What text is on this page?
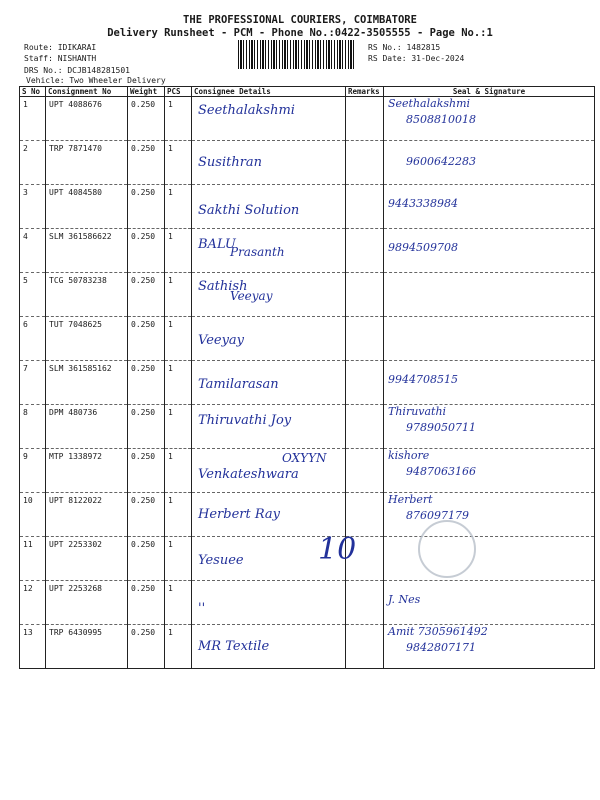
THE PROFESSIONAL COURIERS, COIMBATORE
Delivery Runsheet - PCM - Phone No.:0422-3505555 - Page No.:1
Route: IDIKARAI
Staff: NISHANTH
DRS No.: DCJB148281501
Vehicle: Two Wheeler Delivery
RS No.: 1482815
RS Date: 31-Dec-2024
S No	Consignment No	Weight	PCS	Consignee Details	Remarks	Seal & Signature
1	UPT 4088676	0.250	1	Seethalakshmi		Seethalakshmi
8508810018

2	TRP 7871470	0.250	1	Susithran		9600642283

3	UPT 4084580	0.250	1	Sakthi Solution		9443338984

4	SLM 361586622	0.250	1	Prasanth
BALU		9894509708

5	TCG 50783238	0.250	1	Veeyay
Sathish		

6	TUT 7048625	0.250	1	Veeyay		

7	SLM 361585162	0.250	1	Tamilarasan		9944708515

8	DPM 480736	0.250	1	Thiruvathi Joy		Thiruvathi
9789050711

9	MTP 1338972	0.250	1	OXYYN
Venkateshwara		kishore
9487063166

10	UPT 8122022	0.250	1	Herbert Ray		Herbert
876097179

11	UPT 2253302	0.250	1	Yesuee		

12	UPT 2253268	0.250	1	''		J. Nes

13	TRP 6430995	0.250	1	MR Textile		Amit 7305961492
9842807171
10
